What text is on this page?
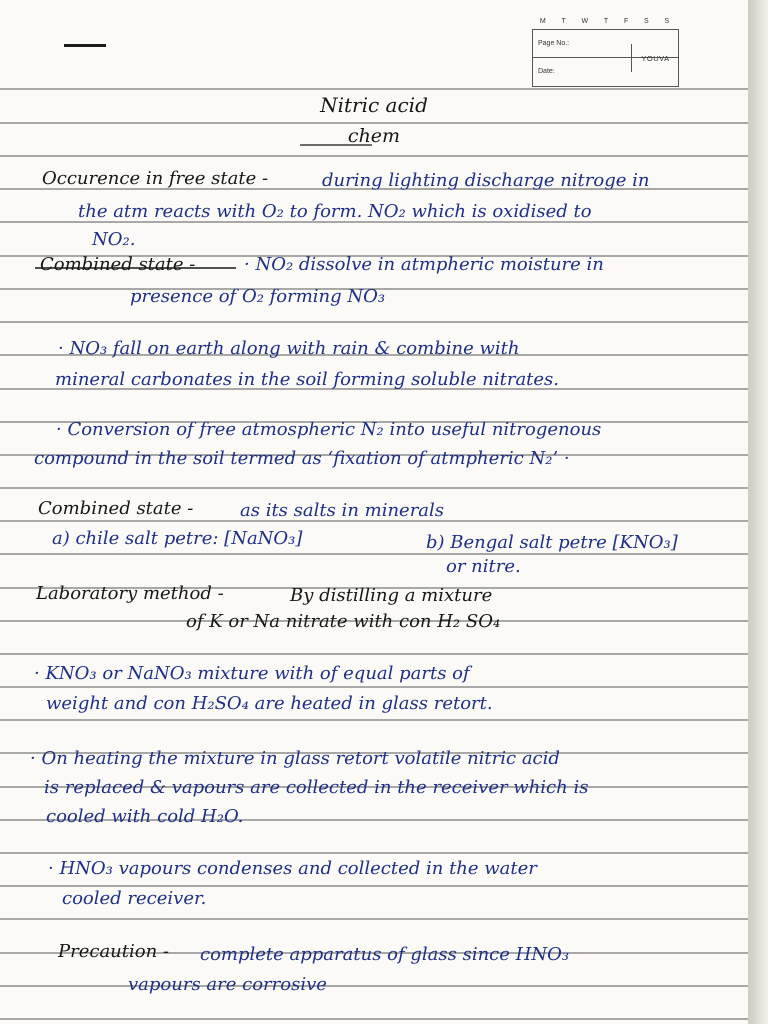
M T W T F S S
Page No.:
Date:
YOUVA
Nitric acid
chem
Occurence in free state -	during lighting discharge nitroge in
the atm reacts with O₂ to form. NO₂ which is oxidised to
NO₂.
Combined state -	· NO₂ dissolve in atmpheric moisture in
presence of O₂ forming NO₃
· NO₃ fall on earth along with rain & combine with
mineral carbonates in the soil forming soluble nitrates.
· Conversion of free atmospheric N₂ into useful nitrogenous
compound in the soil termed as ‘fixation of atmpheric N₂’ ·
Combined state -	as its salts in minerals
a) chile salt petre: [NaNO₃]	b) Bengal salt petre [KNO₃]
or nitre.
Laboratory method -	By distilling a mixture
of K or Na nitrate with con H₂ SO₄
· KNO₃ or NaNO₃ mixture with of equal parts of
weight and con H₂SO₄ are heated in glass retort.
· On heating the mixture in glass retort volatile nitric acid
is replaced & vapours are collected in the receiver which is
cooled with cold H₂O.
· HNO₃ vapours condenses and collected in the water
cooled receiver.
Precaution - complete apparatus of glass since HNO₃
vapours are corrosive
